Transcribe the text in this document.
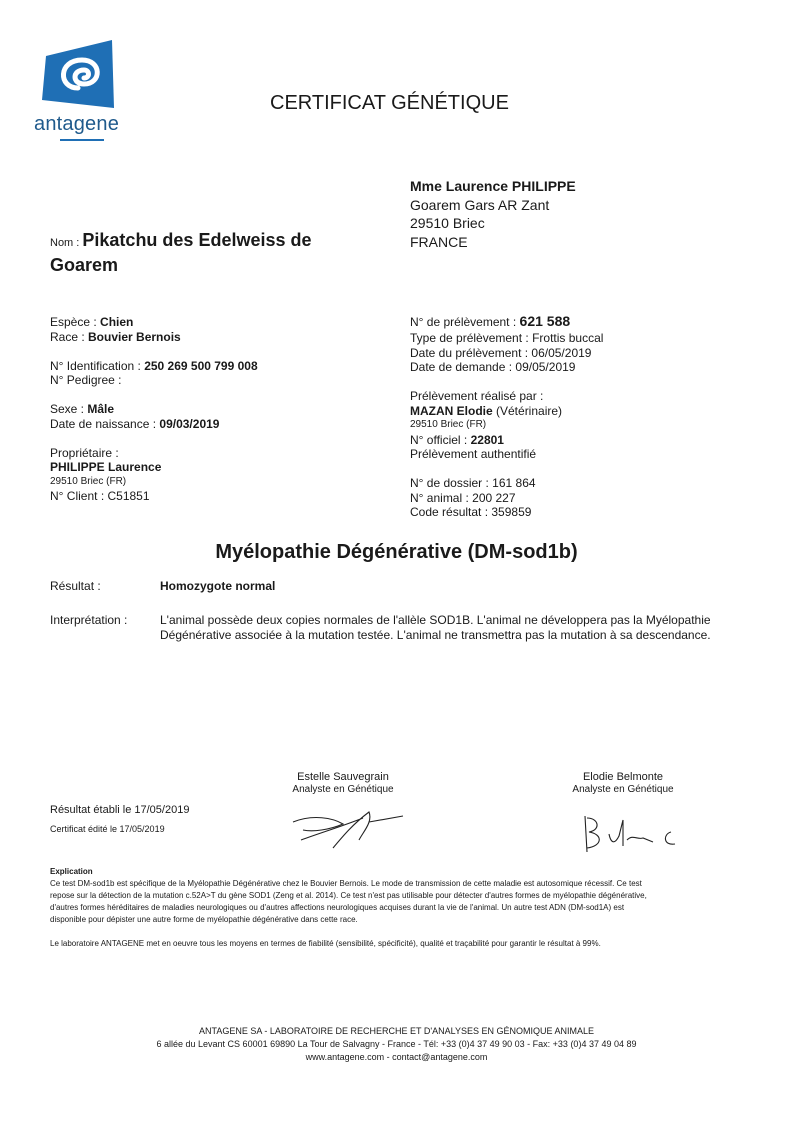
antagene
CERTIFICAT GÉNÉTIQUE
Mme Laurence PHILIPPE
Goarem Gars AR Zant
29510 Briec
FRANCE
Nom : Pikatchu des Edelweiss de
Goarem
Espèce : Chien
Race : Bouvier Bernois
N° Identification : 250 269 500 799 008
N° Pedigree :
Sexe : Mâle
Date de naissance : 09/03/2019
Propriétaire :
PHILIPPE Laurence
29510 Briec (FR)
N° Client : C51851
N° de prélèvement : 621 588
Type de prélèvement : Frottis buccal
Date du prélèvement : 06/05/2019
Date de demande : 09/05/2019
Prélèvement réalisé par :
MAZAN Elodie (Vétérinaire)
29510 Briec (FR)
N° officiel : 22801
Prélèvement authentifié
N° de dossier : 161 864
N° animal : 200 227
Code résultat : 359859
Myélopathie Dégénérative (DM-sod1b)
Résultat :	Homozygote normal
Interprétation :	L'animal possède deux copies normales de l'allèle SOD1B. L'animal ne développera pas la Myélopathie
Dégénérative associée à la mutation testée. L'animal ne transmettra pas la mutation à sa descendance.
Estelle Sauvegrain
Analyste en Génétique
Elodie Belmonte
Analyste en Génétique
Résultat établi le 17/05/2019
Certificat édité le 17/05/2019
Explication
Ce test DM-sod1b est spécifique de la Myélopathie Dégénérative chez le Bouvier Bernois. Le mode de transmission de cette maladie est autosomique récessif. Ce test
repose sur la détection de la mutation c.52A>T du gène SOD1 (Zeng et al. 2014). Ce test n'est pas utilisable pour détecter d'autres formes de myélopathie dégénérative,
d'autres formes héréditaires de maladies neurologiques ou d'autres affections neurologiques acquises durant la vie de l'animal. Un autre test ADN (DM-sod1A) est
disponible pour dépister une autre forme de myélopathie dégénérative dans cette race.
Le laboratoire ANTAGENE met en oeuvre tous les moyens en termes de fiabilité (sensibilité, spécificité), qualité et traçabilité pour garantir le résultat à 99%.
ANTAGENE SA - LABORATOIRE DE RECHERCHE ET D'ANALYSES EN GÉNOMIQUE ANIMALE
6 allée du Levant CS 60001 69890 La Tour de Salvagny - France - Tél: +33 (0)4 37 49 90 03 - Fax: +33 (0)4 37 49 04 89
www.antagene.com - contact@antagene.com
